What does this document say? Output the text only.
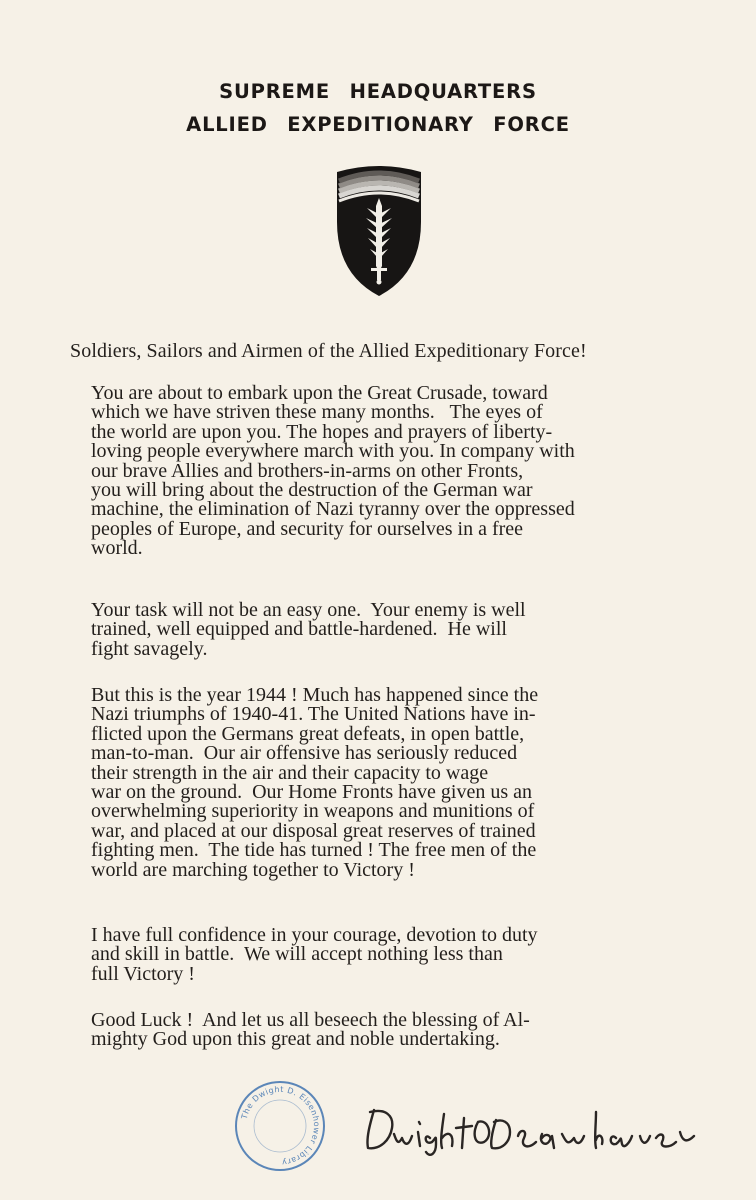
SUPREME HEADQUARTERS
ALLIED EXPEDITIONARY FORCE
Soldiers, Sailors and Airmen of the Allied Expeditionary Force!

You are about to embark upon the Great Crusade, toward
which we have striven these many months.   The eyes of
the world are upon you. The hopes and prayers of liberty-
loving people everywhere march with you. In company with
our brave Allies and brothers-in-arms on other Fronts,
you will bring about the destruction of the German war
machine, the elimination of Nazi tyranny over the oppressed
peoples of Europe, and security for ourselves in a free
world.

Your task will not be an easy one.  Your enemy is well
trained, well equipped and battle-hardened.  He will
fight savagely.

But this is the year 1944 ! Much has happened since the
Nazi triumphs of 1940-41. The United Nations have in-
flicted upon the Germans great defeats, in open battle,
man-to-man.  Our air offensive has seriously reduced
their strength in the air and their capacity to wage
war on the ground.  Our Home Fronts have given us an
overwhelming superiority in weapons and munitions of
war, and placed at our disposal great reserves of trained
fighting men.  The tide has turned ! The free men of the
world are marching together to Victory !

I have full confidence in your courage, devotion to duty
and skill in battle.  We will accept nothing less than
full Victory !

Good Luck !  And let us all beseech the blessing of Al-
mighty God upon this great and noble undertaking.

The Dwight D. Eisenhower Library
